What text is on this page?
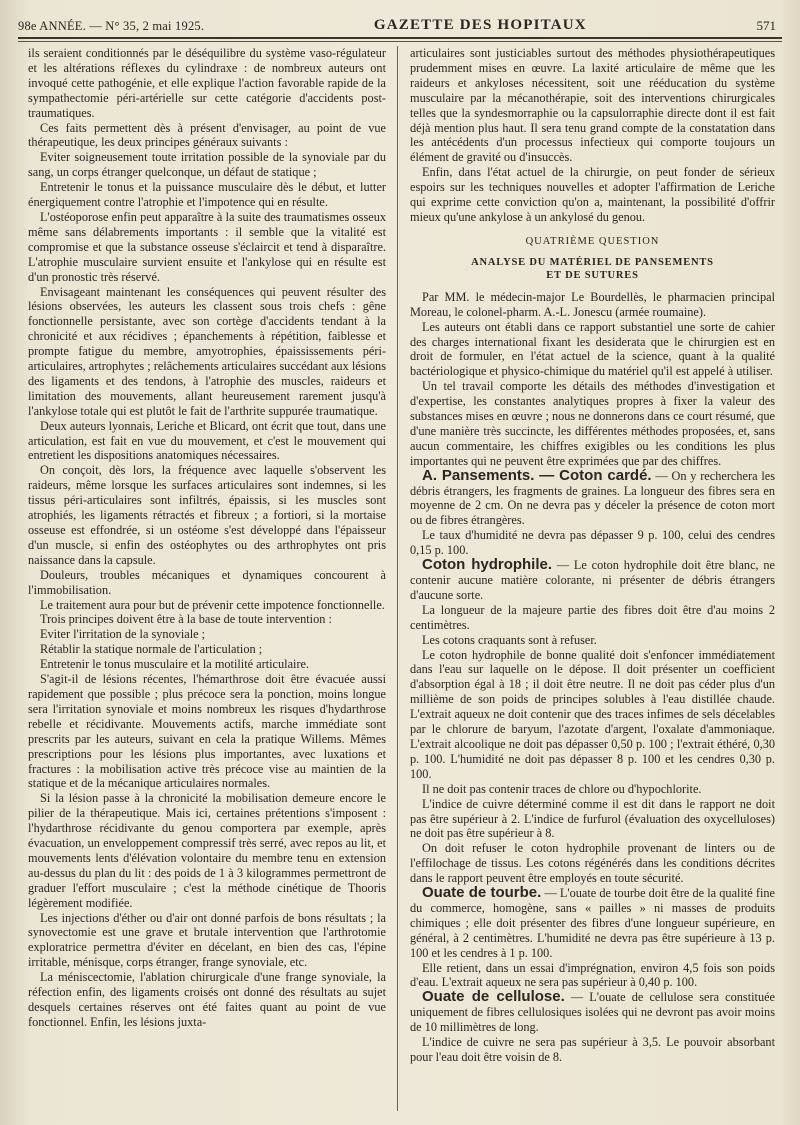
98e ANNÉE. — N° 35, 2 mai 1925.	GAZETTE DES HOPITAUX	571

ils seraient conditionnés par le déséquilibre du système vaso-régulateur et les altérations réflexes du cylindraxe : de nombreux auteurs ont invoqué cette pathogénie, et elle explique l'action favorable rapide de la sympathectomie péri-artérielle sur cette catégorie d'accidents post-traumatiques.

Ces faits permettent dès à présent d'envisager, au point de vue thérapeutique, les deux principes généraux suivants :

Eviter soigneusement toute irritation possible de la synoviale par du sang, un corps étranger quelconque, un défaut de statique ;

Entretenir le tonus et la puissance musculaire dès le début, et lutter énergiquement contre l'atrophie et l'impotence qui en résulte.

L'ostéoporose enfin peut apparaître à la suite des traumatismes osseux même sans délabrements importants : il semble que la vitalité est compromise et que la substance osseuse s'éclaircit et tend à disparaître. L'atrophie musculaire survient ensuite et l'ankylose qui en résulte est d'un pronostic très réservé.

Envisageant maintenant les conséquences qui peuvent résulter des lésions observées, les auteurs les classent sous trois chefs : gêne fonctionnelle persistante, avec son cortège d'accidents tendant à la chronicité et aux récidives ; épanchements à répétition, faiblesse et prompte fatigue du membre, amyotrophies, épaississements péri-articulaires, artrophytes ; relâchements articulaires succédant aux lésions des ligaments et des tendons, à l'atrophie des muscles, raideurs et limitation des mouvements, allant heureusement rarement jusqu'à l'ankylose totale qui est plutôt le fait de l'arthrite suppurée traumatique.

Deux auteurs lyonnais, Leriche et Blicard, ont écrit que tout, dans une articulation, est fait en vue du mouvement, et c'est le mouvement qui entretient les dispositions anatomiques nécessaires.

On conçoit, dès lors, la fréquence avec laquelle s'observent les raideurs, même lorsque les surfaces articulaires sont indemnes, si les tissus péri-articulaires sont infiltrés, épaissis, si les muscles sont atrophiés, les ligaments rétractés et fibreux ; a fortiori, si la mortaise osseuse est effondrée, si un ostéome s'est développé dans l'épaisseur d'un muscle, si enfin des ostéophytes ou des arthrophytes ont pris naissance dans la capsule.

Douleurs, troubles mécaniques et dynamiques concourent à l'immobilisation.

Le traitement aura pour but de prévenir cette impotence fonctionnelle.

Trois principes doivent être à la base de toute intervention :

Eviter l'irritation de la synoviale ;

Rétablir la statique normale de l'articulation ;

Entretenir le tonus musculaire et la motilité articulaire.

S'agit-il de lésions récentes, l'hémarthrose doit être évacuée aussi rapidement que possible ; plus précoce sera la ponction, moins longue sera l'irritation synoviale et moins nombreux les risques d'hydarthrose rebelle et récidivante. Mouvements actifs, marche immédiate sont prescrits par les auteurs, suivant en cela la pratique Willems. Mêmes prescriptions pour les lésions plus importantes, avec luxations et fractures : la mobilisation active très précoce vise au maintien de la statique et de la mécanique articulaires normales.

Si la lésion passe à la chronicité la mobilisation demeure encore le pilier de la thérapeutique. Mais ici, certaines prétentions s'imposent : l'hydarthrose récidivante du genou comportera par exemple, après évacuation, un enveloppement compressif très serré, avec repos au lit, et mouvements lents d'élévation volontaire du membre tenu en extension au-dessus du plan du lit : des poids de 1 à 3 kilogrammes permettront de graduer l'effort musculaire ; c'est la méthode cinétique de Thooris légèrement modifiée.

Les injections d'éther ou d'air ont donné parfois de bons résultats ; la synovectomie est une grave et brutale intervention que l'arthrotomie exploratrice permettra d'éviter en décelant, en bien des cas, l'épine irritable, ménisque, corps étranger, frange synoviale, etc.

La méniscectomie, l'ablation chirurgicale d'une frange synoviale, la réfection enfin, des ligaments croisés ont donné des résultats au sujet desquels certaines réserves ont été faites quant au point de vue fonctionnel. Enfin, les lésions juxta-

articulaires sont justiciables surtout des méthodes physiothérapeutiques prudemment mises en œuvre. La laxité articulaire de même que les raideurs et ankyloses nécessitent, soit une rééducation du système musculaire par la mécanothérapie, soit des interventions chirurgicales telles que la syndesmorraphie ou la capsulorraphie directe dont il est fait déjà mention plus haut. Il sera tenu grand compte de la constatation dans les antécédents d'un processus infectieux qui comporte toujours un élément de gravité ou d'insuccès.

Enfin, dans l'état actuel de la chirurgie, on peut fonder de sérieux espoirs sur les techniques nouvelles et adopter l'affirmation de Leriche qui exprime cette conviction qu'on a, maintenant, la possibilité d'offrir mieux qu'une ankylose à un ankylosé du genou.

QUATRIÈME QUESTION
ANALYSE DU MATÉRIEL DE PANSEMENTS
ET DE SUTURES

Par MM. le médecin-major Le Bourdellès, le pharmacien principal Moreau, le colonel-pharm. A.-L. Jonescu (armée roumaine).

Les auteurs ont établi dans ce rapport substantiel une sorte de cahier des charges international fixant les desiderata que le chirurgien est en droit de formuler, en l'état actuel de la science, quant à la qualité bactériologique et physico-chimique du matériel qu'il est appelé à utiliser.

Un tel travail comporte les détails des méthodes d'investigation et d'expertise, les constantes analytiques propres à fixer la valeur des substances mises en œuvre ; nous ne donnerons dans ce court résumé, que d'une manière très succincte, les différentes méthodes proposées, et, sans aucun commentaire, les chiffres exigibles ou les conditions les plus importantes qui ne peuvent être exprimées que par des chiffres.

A. Pansements. — Coton cardé. — On y recherchera les débris étrangers, les fragments de graines. La longueur des fibres sera en moyenne de 2 cm. On ne devra pas y déceler la présence de coton mort ou de fibres étrangères.

Le taux d'humidité ne devra pas dépasser 9 p. 100, celui des cendres 0,15 p. 100.

Coton hydrophile. — Le coton hydrophile doit être blanc, ne contenir aucune matière colorante, ni présenter de débris étrangers d'aucune sorte.

La longueur de la majeure partie des fibres doit être d'au moins 2 centimètres.

Les cotons craquants sont à refuser.

Le coton hydrophile de bonne qualité doit s'enfoncer immédiatement dans l'eau sur laquelle on le dépose. Il doit présenter un coefficient d'absorption égal à 18 ; il doit être neutre. Il ne doit pas céder plus d'un millième de son poids de principes solubles à l'eau distillée chaude. L'extrait aqueux ne doit contenir que des traces infimes de sels décelables par le chlorure de baryum, l'azotate d'argent, l'oxalate d'ammoniaque. L'extrait alcoolique ne doit pas dépasser 0,50 p. 100 ; l'extrait éthéré, 0,30 p. 100. L'humidité ne doit pas dépasser 8 p. 100 et les cendres 0,30 p. 100.

Il ne doit pas contenir traces de chlore ou d'hypochlorite.

L'indice de cuivre déterminé comme il est dit dans le rapport ne doit pas être supérieur à 2. L'indice de furfurol (évaluation des oxycelluloses) ne doit pas être supérieur à 8.

On doit refuser le coton hydrophile provenant de linters ou de l'effilochage de tissus. Les cotons régénérés dans les conditions décrites dans le rapport peuvent être employés en toute sécurité.

Ouate de tourbe. — L'ouate de tourbe doit être de la qualité fine du commerce, homogène, sans « pailles » ni masses de produits chimiques ; elle doit présenter des fibres d'une longueur supérieure, en général, à 2 centimètres. L'humidité ne devra pas être supérieure à 13 p. 100 et les cendres à 1 p. 100.

Elle retient, dans un essai d'imprégnation, environ 4,5 fois son poids d'eau. L'extrait aqueux ne sera pas supérieur à 0,40 p. 100.

Ouate de cellulose. — L'ouate de cellulose sera constituée uniquement de fibres cellulosiques isolées qui ne devront pas avoir moins de 10 millimètres de long.

L'indice de cuivre ne sera pas supérieur à 3,5. Le pouvoir absorbant pour l'eau doit être voisin de 8.
